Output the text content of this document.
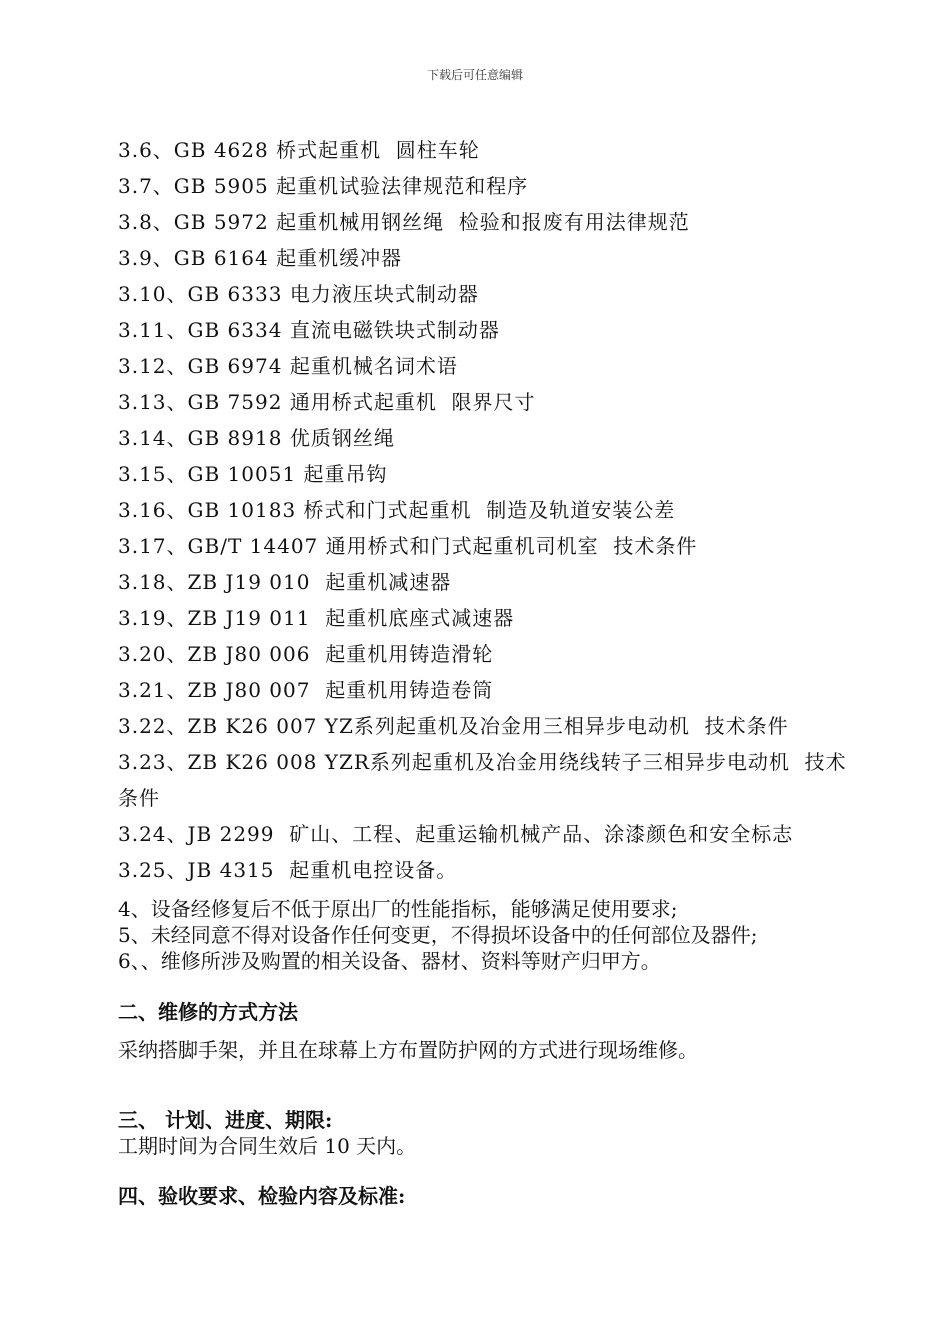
下载后可任意编辑
3.6、GB 4628 桥式起重机  圆柱车轮
3.7、GB 5905 起重机试验法律规范和程序
3.8、GB 5972 起重机械用钢丝绳  检验和报废有用法律规范
3.9、GB 6164 起重机缓冲器
3.10、GB 6333 电力液压块式制动器
3.11、GB 6334 直流电磁铁块式制动器
3.12、GB 6974 起重机械名词术语
3.13、GB 7592 通用桥式起重机  限界尺寸
3.14、GB 8918 优质钢丝绳
3.15、GB 10051 起重吊钩
3.16、GB 10183 桥式和门式起重机  制造及轨道安装公差
3.17、GB/T 14407 通用桥式和门式起重机司机室  技术条件
3.18、ZB J19 010  起重机减速器
3.19、ZB J19 011  起重机底座式减速器
3.20、ZB J80 006  起重机用铸造滑轮
3.21、ZB J80 007  起重机用铸造卷筒
3.22、ZB K26 007 YZ系列起重机及冶金用三相异步电动机  技术条件
3.23、ZB K26 008 YZR系列起重机及冶金用绕线转子三相异步电动机  技术
条件
3.24、JB 2299  矿山、工程、起重运输机械产品、涂漆颜色和安全标志
3.25、JB 4315  起重机电控设备。
4、设备经修复后不低于原出厂的性能指标，能够满足使用要求;
5、未经同意不得对设备作任何变更，不得损坏设备中的任何部位及器件;
6、、维修所涉及购置的相关设备、器材、资料等财产归甲方。
二、维修的方式方法
采纳搭脚手架，并且在球幕上方布置防护网的方式进行现场维修。
三、 计划、进度、期限:
工期时间为合同生效后 10 天内。
四、验收要求、检验内容及标准:
